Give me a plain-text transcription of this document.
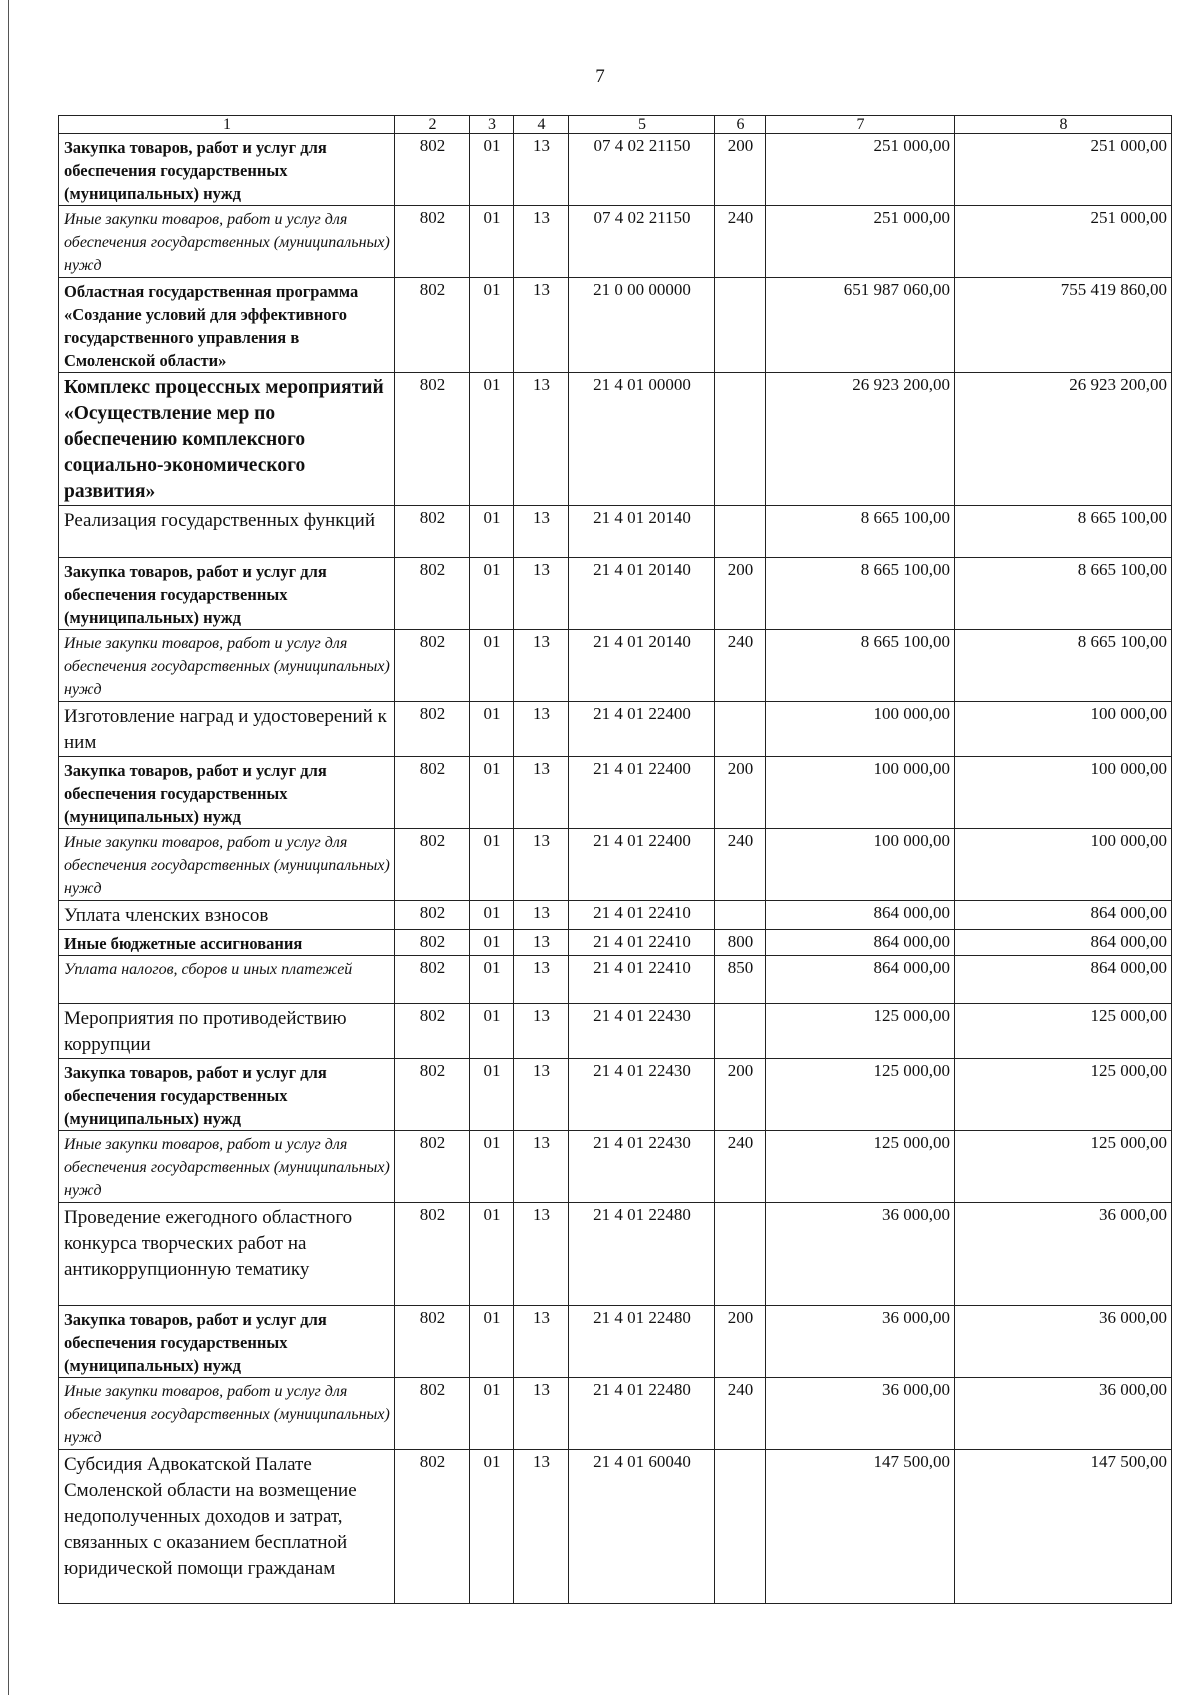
7
1	2	3	4	5	6	7	8
Закупка товаров, работ и услуг для обеспечения государственных (муниципальных) нужд	802	01	13	07 4 02 21150	200	251 000,00	251 000,00
Иные закупки товаров, работ и услуг для обеспечения государственных (муниципальных) нужд	802	01	13	07 4 02 21150	240	251 000,00	251 000,00
Областная государственная программа «Создание условий для эффективного государственного управления в Смоленской области»	802	01	13	21 0 00 00000		651 987 060,00	755 419 860,00
Комплекс процессных мероприятий «Осуществление мер по обеспечению комплексного социально-экономического развития»	802	01	13	21 4 01 00000		26 923 200,00	26 923 200,00
Реализация государственных функций	802	01	13	21 4 01 20140		8 665 100,00	8 665 100,00
Закупка товаров, работ и услуг для обеспечения государственных (муниципальных) нужд	802	01	13	21 4 01 20140	200	8 665 100,00	8 665 100,00
Иные закупки товаров, работ и услуг для обеспечения государственных (муниципальных) нужд	802	01	13	21 4 01 20140	240	8 665 100,00	8 665 100,00
Изготовление наград и удостоверений к ним	802	01	13	21 4 01 22400		100 000,00	100 000,00
Закупка товаров, работ и услуг для обеспечения государственных (муниципальных) нужд	802	01	13	21 4 01 22400	200	100 000,00	100 000,00
Иные закупки товаров, работ и услуг для обеспечения государственных (муниципальных) нужд	802	01	13	21 4 01 22400	240	100 000,00	100 000,00
Уплата членских взносов	802	01	13	21 4 01 22410		864 000,00	864 000,00
Иные бюджетные ассигнования	802	01	13	21 4 01 22410	800	864 000,00	864 000,00
Уплата налогов, сборов и иных платежей	802	01	13	21 4 01 22410	850	864 000,00	864 000,00
Мероприятия по противодействию коррупции	802	01	13	21 4 01 22430		125 000,00	125 000,00
Закупка товаров, работ и услуг для обеспечения государственных (муниципальных) нужд	802	01	13	21 4 01 22430	200	125 000,00	125 000,00
Иные закупки товаров, работ и услуг для обеспечения государственных (муниципальных) нужд	802	01	13	21 4 01 22430	240	125 000,00	125 000,00
Проведение ежегодного областного конкурса творческих работ на антикоррупционную тематику	802	01	13	21 4 01 22480		36 000,00	36 000,00
Закупка товаров, работ и услуг для обеспечения государственных (муниципальных) нужд	802	01	13	21 4 01 22480	200	36 000,00	36 000,00
Иные закупки товаров, работ и услуг для обеспечения государственных (муниципальных) нужд	802	01	13	21 4 01 22480	240	36 000,00	36 000,00
Субсидия Адвокатской Палате Смоленской области на возмещение недополученных доходов и затрат, связанных с оказанием бесплатной юридической помощи гражданам	802	01	13	21 4 01 60040		147 500,00	147 500,00
